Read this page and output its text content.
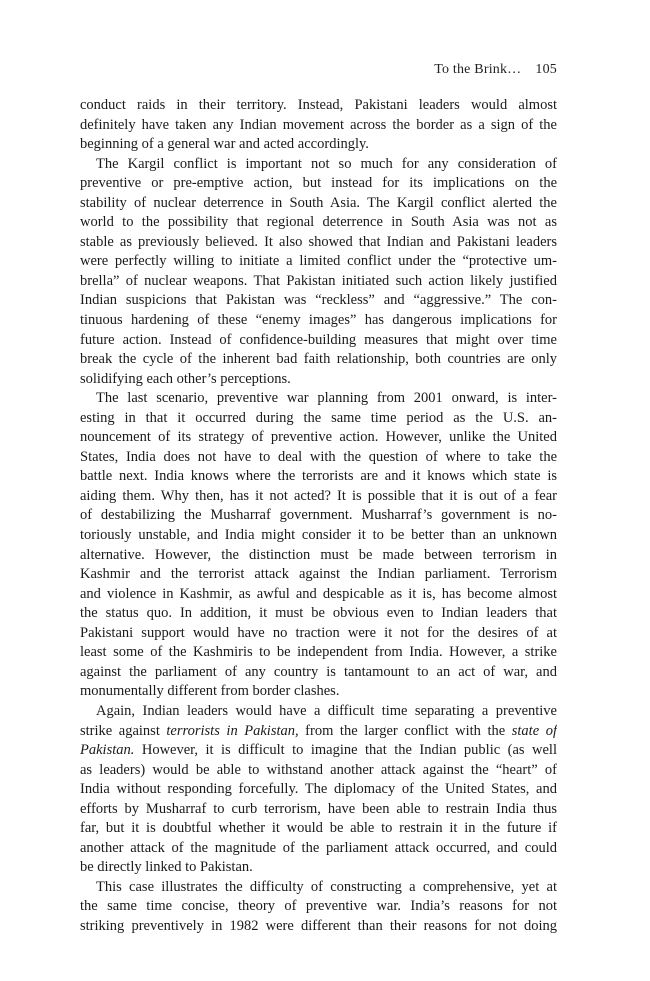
To the Brink… 105
conduct raids in their territory. Instead, Pakistani leaders would almost
definitely have taken any Indian movement across the border as a sign of the
beginning of a general war and acted accordingly.
The Kargil conflict is important not so much for any consideration of
preventive or pre-emptive action, but instead for its implications on the
stability of nuclear deterrence in South Asia. The Kargil conflict alerted the
world to the possibility that regional deterrence in South Asia was not as
stable as previously believed. It also showed that Indian and Pakistani leaders
were perfectly willing to initiate a limited conflict under the “protective um-
brella” of nuclear weapons. That Pakistan initiated such action likely justified
Indian suspicions that Pakistan was “reckless” and “aggressive.” The con-
tinuous hardening of these “enemy images” has dangerous implications for
future action. Instead of confidence-building measures that might over time
break the cycle of the inherent bad faith relationship, both countries are only
solidifying each other’s perceptions.
The last scenario, preventive war planning from 2001 onward, is inter-
esting in that it occurred during the same time period as the U.S. an-
nouncement of its strategy of preventive action. However, unlike the United
States, India does not have to deal with the question of where to take the
battle next. India knows where the terrorists are and it knows which state is
aiding them. Why then, has it not acted? It is possible that it is out of a fear
of destabilizing the Musharraf government. Musharraf’s government is no-
toriously unstable, and India might consider it to be better than an unknown
alternative. However, the distinction must be made between terrorism in
Kashmir and the terrorist attack against the Indian parliament. Terrorism
and violence in Kashmir, as awful and despicable as it is, has become almost
the status quo. In addition, it must be obvious even to Indian leaders that
Pakistani support would have no traction were it not for the desires of at
least some of the Kashmiris to be independent from India. However, a strike
against the parliament of any country is tantamount to an act of war, and
monumentally different from border clashes.
Again, Indian leaders would have a difficult time separating a preventive
strike against terrorists in Pakistan, from the larger conflict with the state of
Pakistan. However, it is difficult to imagine that the Indian public (as well
as leaders) would be able to withstand another attack against the “heart” of
India without responding forcefully. The diplomacy of the United States, and
efforts by Musharraf to curb terrorism, have been able to restrain India thus
far, but it is doubtful whether it would be able to restrain it in the future if
another attack of the magnitude of the parliament attack occurred, and could
be directly linked to Pakistan.
This case illustrates the difficulty of constructing a comprehensive, yet at
the same time concise, theory of preventive war. India’s reasons for not
striking preventively in 1982 were different than their reasons for not doing
